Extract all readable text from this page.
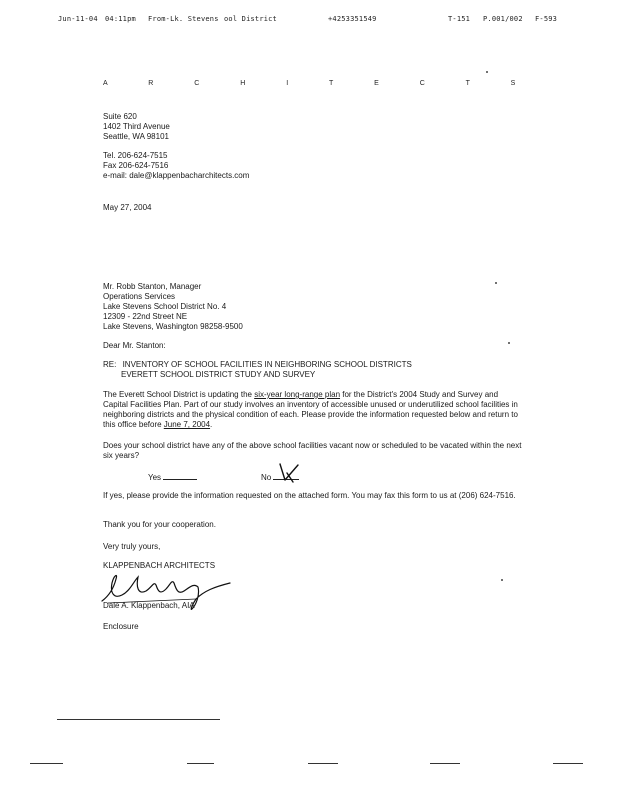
Jun-11-04 04:11pm From-Lk. Stevens ool District	+4253351549	T-151 P.001/002 F-593
A R C H I T E C T S
Suite 620
1402 Third Avenue
Seattle, WA 98101
Tel. 206-624-7515
Fax 206-624-7516
e-mail: dale@klappenbacharchitects.com
May 27, 2004
Mr. Robb Stanton, Manager
Operations Services
Lake Stevens School District No. 4
12309 - 22nd Street NE
Lake Stevens, Washington 98258-9500
Dear Mr. Stanton:
RE: INVENTORY OF SCHOOL FACILITIES IN NEIGHBORING SCHOOL DISTRICTS
EVERETT SCHOOL DISTRICT STUDY AND SURVEY
The Everett School District is updating the six-year long-range plan for the District's 2004 Study and Survey and Capital Facilities Plan. Part of our study involves an inventory of accessible unused or underutilized school facilities in neighboring districts and the physical condition of each. Please provide the information requested below and return to this office before June 7, 2004.
Does your school district have any of the above school facilities vacant now or scheduled to be vacated within the next six years?
Yes	No
If yes, please provide the information requested on the attached form. You may fax this form to us at (206) 624-7516.
Thank you for your cooperation.
Very truly yours,
KLAPPENBACH ARCHITECTS
Dale A. Klappenbach, AIA
Enclosure
